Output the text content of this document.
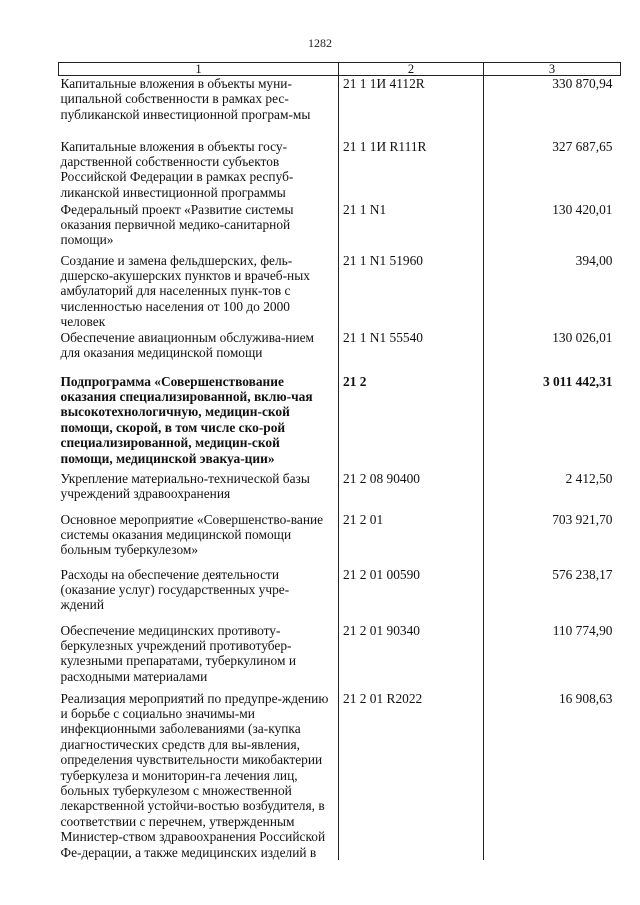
1282
1	2	3
Капитальные вложения в объекты муни-ципальной собственности в рамках рес-публиканской инвестиционной програм-мы	21 1 1И 4112R	330 870,94
Капитальные вложения в объекты госу-дарственной собственности субъектов Российской Федерации в рамках респуб-ликанской инвестиционной программы	21 1 1И R111R	327 687,65
Федеральный проект «Развитие системы оказания первичной медико-санитарной помощи»	21 1 N1	130 420,01
Создание и замена фельдшерских, фель-дшерско-акушерских пунктов и врачеб-ных амбулаторий для населенных пунк-тов с численностью населения от 100 до 2000 человек	21 1 N1 51960	394,00
Обеспечение авиационным обслужива-нием для оказания медицинской помощи	21 1 N1 55540	130 026,01
Подпрограмма «Совершенствование оказания специализированной, вклю-чая высокотехнологичную, медицин-ской помощи, скорой, в том числе ско-рой специализированной, медицин-ской помощи, медицинской эвакуа-ции»	21 2	3 011 442,31
Укрепление материально-технической базы учреждений здравоохранения	21 2 08 90400	2 412,50
Основное мероприятие «Совершенство-вание системы оказания медицинской помощи больным туберкулезом»	21 2 01	703 921,70
Расходы на обеспечение деятельности (оказание услуг) государственных учре-ждений	21 2 01 00590	576 238,17
Обеспечение медицинских противоту-беркулезных учреждений противотубер-кулезными препаратами, туберкулином и расходными материалами	21 2 01 90340	110 774,90
Реализация мероприятий по предупре-ждению и борьбе с социально значимы-ми инфекционными заболеваниями (за-купка диагностических средств для вы-явления, определения чувствительности микобактерии туберкулеза и мониторин-га лечения лиц, больных туберкулезом с множественной лекарственной устойчи-востью возбудителя, в соответствии с перечнем, утвержденным Министер-ством здравоохранения Российской Фе-дерации, а также медицинских изделий в	21 2 01 R2022	16 908,63
